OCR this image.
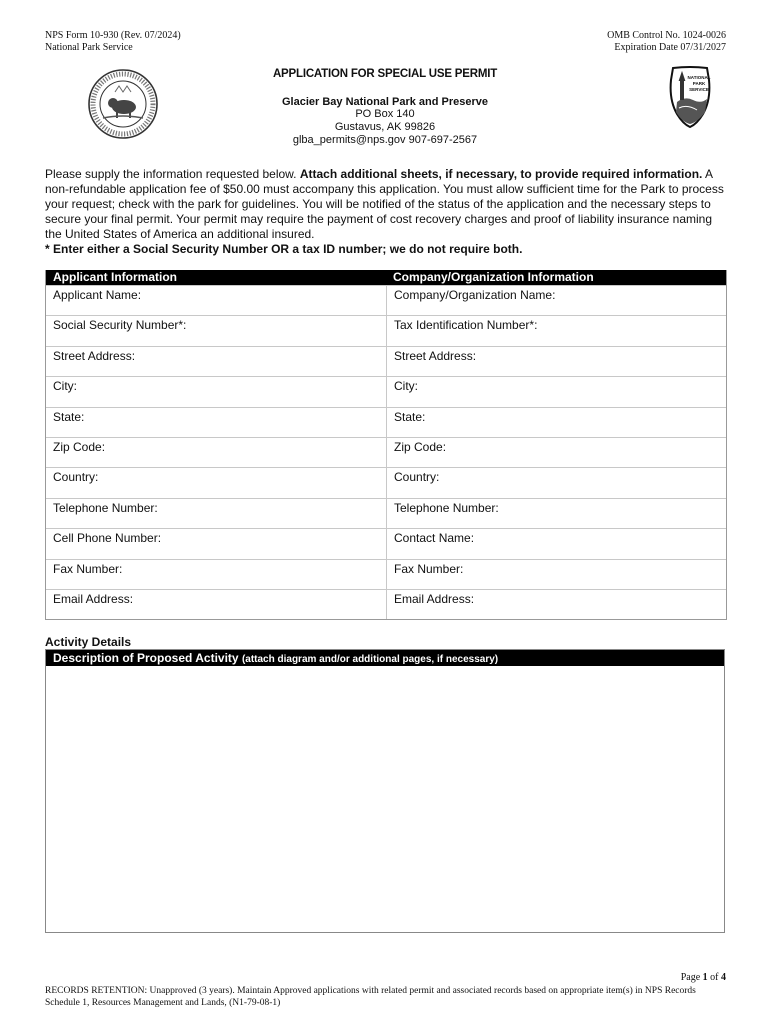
NPS Form 10-930 (Rev. 07/2024)
National Park Service
OMB Control No. 1024-0026
Expiration Date 07/31/2027
NATIONAL
PARK
SERVICE
APPLICATION FOR SPECIAL USE PERMIT
Glacier Bay National Park and Preserve
PO Box 140
Gustavus, AK 99826
glba_permits@nps.gov 907-697-2567
Please supply the information requested below. Attach additional sheets, if necessary, to provide required information. A non-refundable application fee of $50.00 must accompany this application. You must allow sufficient time for the Park to process your request; check with the park for guidelines. You will be notified of the status of the application and the necessary steps to secure your final permit. Your permit may require the payment of cost recovery charges and proof of liability insurance naming the United States of America an additional insured.
* Enter either a Social Security Number OR a tax ID number; we do not require both.
Applicant Information	Company/Organization Information
Applicant Name:	Company/Organization Name:
Social Security Number*:	Tax Identification Number*:
Street Address:	Street Address:
City:	City:
State:	State:
Zip Code:	Zip Code:
Country:	Country:
Telephone Number:	Telephone Number:
Cell Phone Number:	Contact Name:
Fax Number:	Fax Number:
Email Address:	Email Address:
Activity Details
Description of Proposed Activity (attach diagram and/or additional pages, if necessary)
Page 1 of 4
RECORDS RETENTION: Unapproved (3 years). Maintain Approved applications with related permit and associated records based on appropriate item(s) in NPS Records Schedule 1, Resources Management and Lands, (N1-79-08-1)
